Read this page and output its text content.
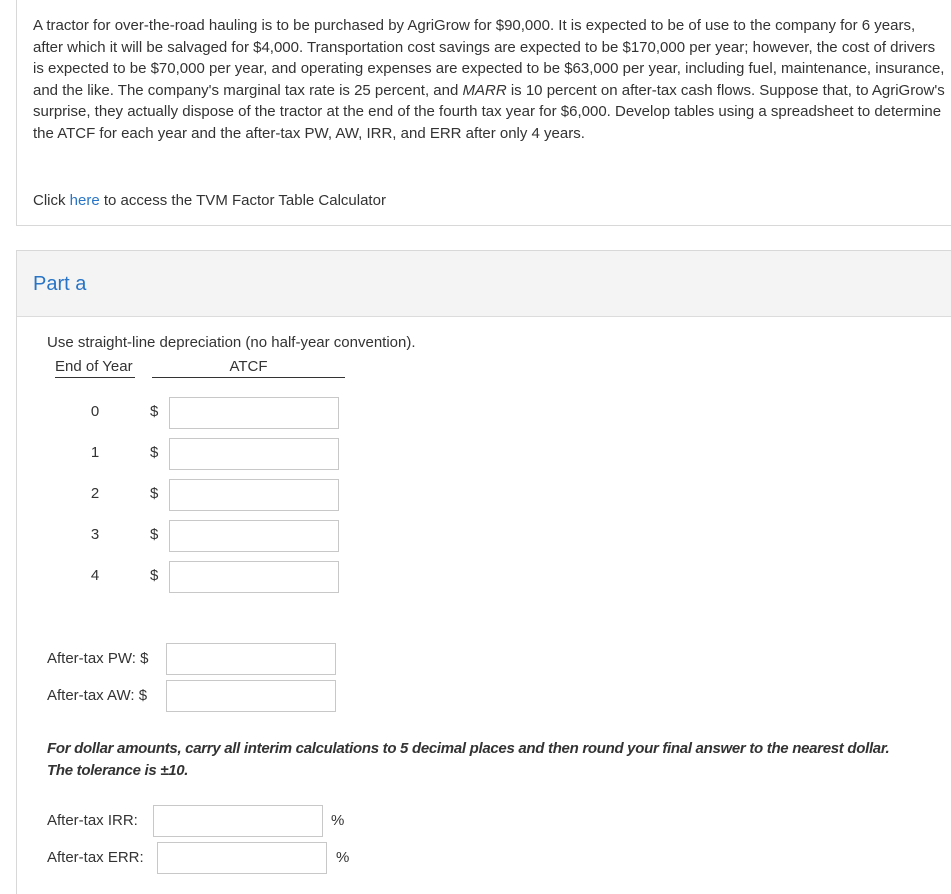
A tractor for over-the-road hauling is to be purchased by AgriGrow for $90,000. It is expected to be of use to the company for 6 years, after which it will be salvaged for $4,000. Transportation cost savings are expected to be $170,000 per year; however, the cost of drivers is expected to be $70,000 per year, and operating expenses are expected to be $63,000 per year, including fuel, maintenance, insurance, and the like. The company's marginal tax rate is 25 percent, and MARR is 10 percent on after-tax cash flows. Suppose that, to AgriGrow's surprise, they actually dispose of the tractor at the end of the fourth tax year for $6,000. Develop tables using a spreadsheet to determine the ATCF for each year and the after-tax PW, AW, IRR, and ERR after only 4 years.
Click here to access the TVM Factor Table Calculator
Part a
Use straight-line depreciation (no half-year convention).
End of Year	ATCF
0	$
1	$
2	$
3	$
4	$
After-tax PW: $
After-tax AW: $
For dollar amounts, carry all interim calculations to 5 decimal places and then round your final answer to the nearest dollar. The tolerance is ±10.
After-tax IRR:	%
After-tax ERR:	%
